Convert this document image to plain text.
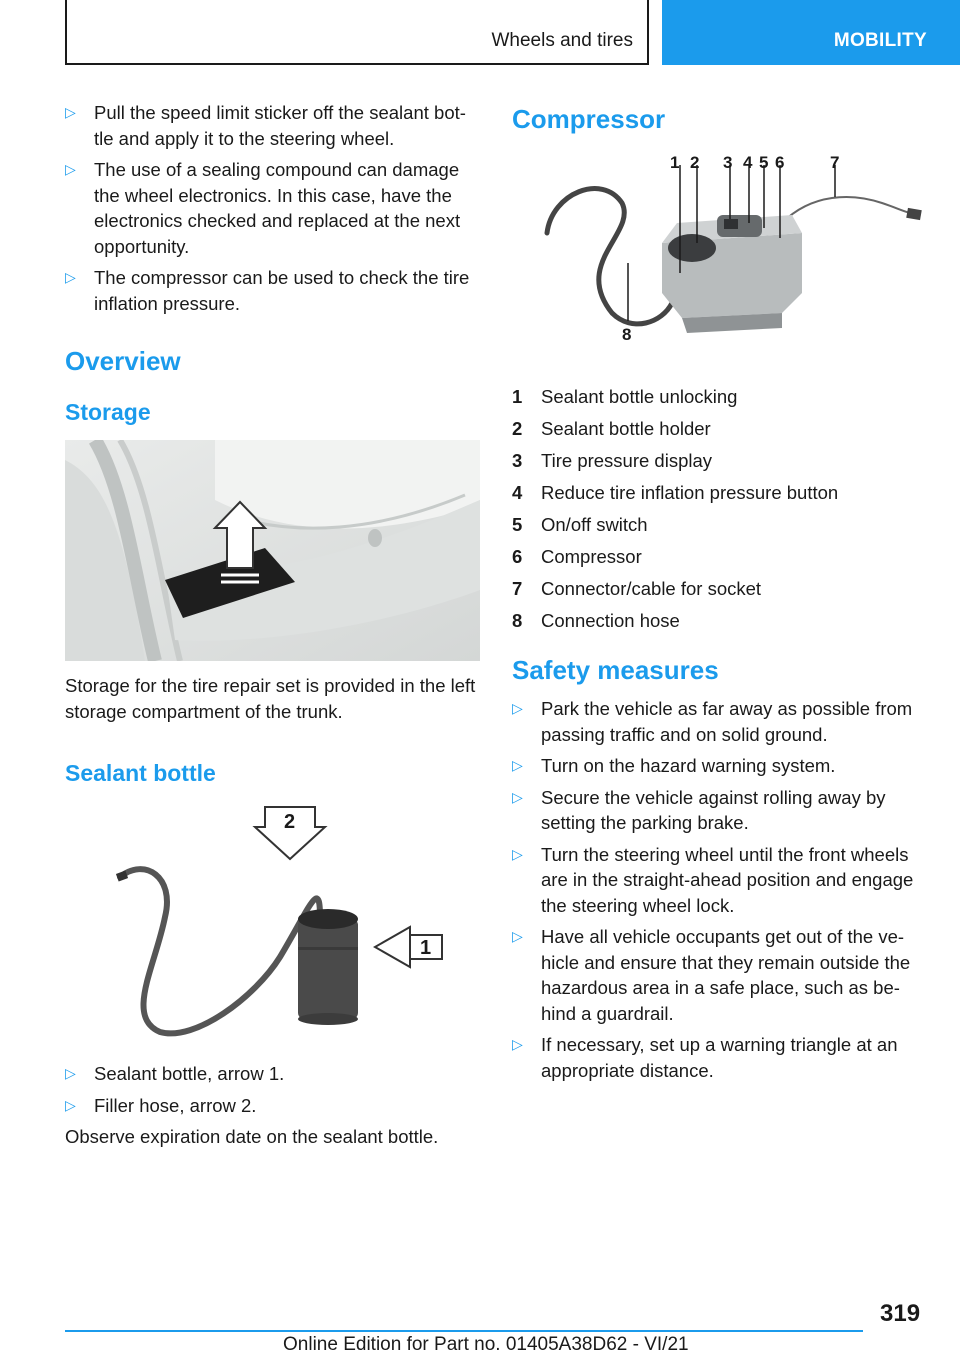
Wheels and tires	MOBILITY
▷ Pull the speed limit sticker off the sealant bot-tle and apply it to the steering wheel.
▷ The use of a sealing compound can damage the wheel electronics. In this case, have the electronics checked and replaced at the next opportunity.
▷ The compressor can be used to check the tire inflation pressure.
Overview
Storage

Storage for the tire repair set is provided in the left storage compartment of the trunk.

Sealant bottle
2
1
▷ Sealant bottle, arrow 1.
▷ Filler hose, arrow 2.

Observe expiration date on the sealant bottle.

Compressor
1 2 3 4 5 6	7
8
1 Sealant bottle unlocking
2 Sealant bottle holder
3 Tire pressure display
4 Reduce tire inflation pressure button
5 On/off switch
6 Compressor
7 Connector/cable for socket
8 Connection hose
Safety measures
▷ Park the vehicle as far away as possible from passing traffic and on solid ground.
▷ Turn on the hazard warning system.
▷ Secure the vehicle against rolling away by setting the parking brake.
▷ Turn the steering wheel until the front wheels are in the straight-ahead position and engage the steering wheel lock.
▷ Have all vehicle occupants get out of the ve-hicle and ensure that they remain outside the hazardous area in a safe place, such as be-hind a guardrail.
▷ If necessary, set up a warning triangle at an appropriate distance.
319
Online Edition for Part no. 01405A38D62 - VI/21
